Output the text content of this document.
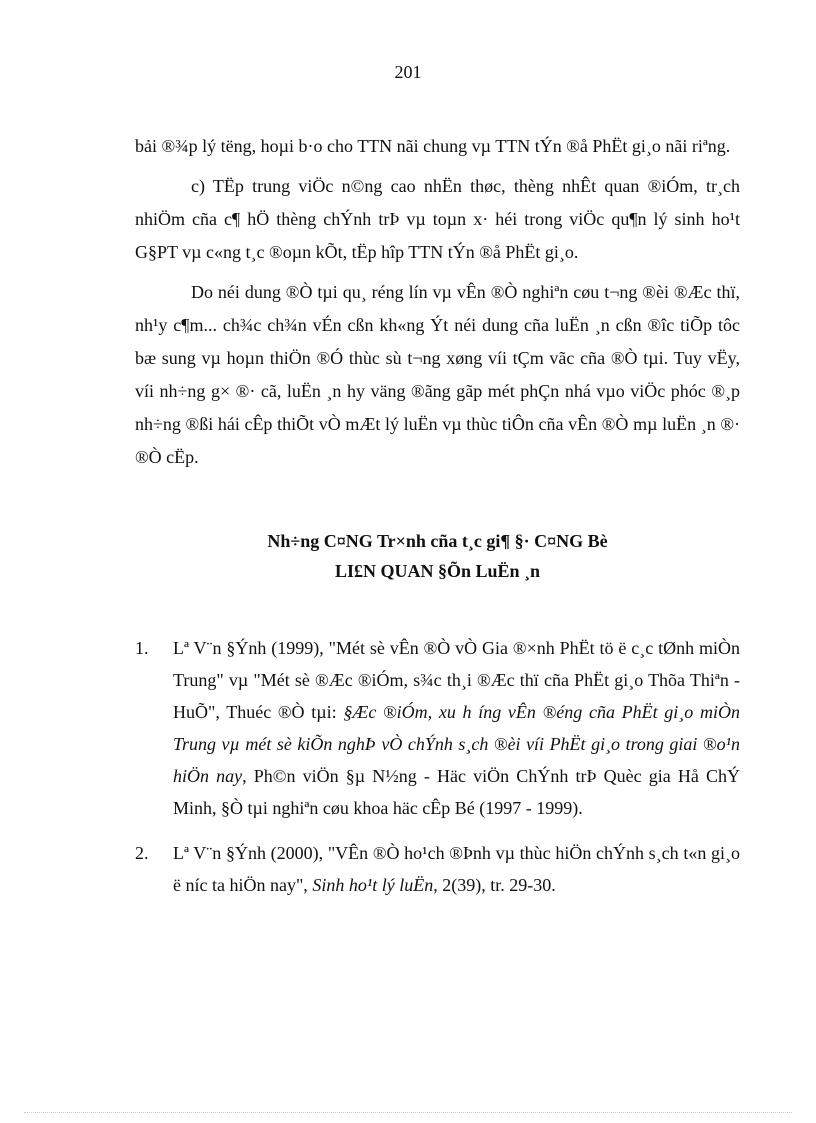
201

bải ®¾p lý tëng, hoµi b·o cho TTN nãi chung vµ TTN tÝn ®å PhËt gi¸o nãi riªng.

c) TËp trung viÖc n©ng cao nhËn thøc, thèng nhÊt quan ®iÓm, tr¸ch nhiÖm cña c¶ hÖ thèng chÝnh trÞ vµ toµn x· héi trong viÖc qu¶n lý sinh ho¹t G§PT vµ c«ng t¸c ®oµn kÕt, tËp hîp TTN tÝn ®å PhËt gi¸o.

Do néi dung ®Ò tµi qu¸ réng lín vµ vÊn ®Ò nghiªn cøu t¬ng ®èi ®Æc thï, nh¹y c¶m... ch¾c ch¾n vÉn cßn kh«ng Ýt néi dung cña luËn ¸n cßn ®îc tiÕp tôc bæ sung vµ hoµn thiÖn ®Ó thùc sù t¬ng xøng víi tÇm vãc cña ®Ò tµi. Tuy vËy, víi nh÷ng g× ®· cã, luËn ¸n hy väng ®ãng gãp mét phÇn nhá vµo viÖc phóc ®¸p nh÷ng ®ßi hái cÊp thiÕt vÒ mÆt lý luËn vµ thùc tiÔn cña vÊn ®Ò mµ luËn ¸n ®· ®Ò cËp.

Nh÷ng C¤NG Tr×nh cña t¸c gi¶ §· C¤NG Bè
LI£N QUAN §Õn LuËn ¸n
1.	Lª V¨n §Ýnh (1999), "Mét sè vÊn ®Ò vÒ Gia ®×nh PhËt tö ë c¸c tØnh miÒn Trung" vµ "Mét sè ®Æc ®iÓm, s¾c th¸i ®Æc thï cña PhËt gi¸o Thõa Thiªn - HuÕ", Thuéc ®Ò tµi: §Æc ®iÓm, xu h íng vÊn ®éng cña PhËt gi¸o miÒn Trung vµ mét sè kiÕn nghÞ vÒ chÝnh s¸ch ®èi víi PhËt gi¸o trong giai ®o¹n hiÖn nay, Ph©n viÖn §µ N½ng - Häc viÖn ChÝnh trÞ Quèc gia Hå ChÝ Minh, §Ò tµi nghiªn cøu khoa häc cÊp Bé (1997 - 1999).
2.	Lª V¨n §Ýnh (2000), "VÊn ®Ò ho¹ch ®Þnh vµ thùc hiÖn chÝnh s¸ch t«n gi¸o ë níc ta hiÖn nay", Sinh ho¹t lý luËn, 2(39), tr. 29-30.
